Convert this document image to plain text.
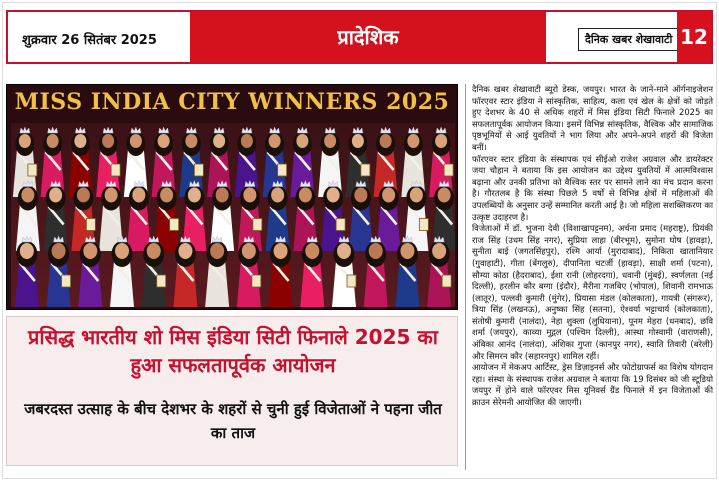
शुक्रवार 26 सितंबर 2025	प्रादेशिक	दैनिक खबर शेखावाटी 12
MISS INDIA CITY WINNERS 2025
प्रसिद्ध भारतीय शो मिस इंडिया सिटी फिनाले 2025 का हुआ सफलतापूर्वक आयोजन
जबरदस्त उत्साह के बीच देशभर के शहरों से चुनी हुई विजेताओं ने पहना जीत का ताज

दैनिक खबर शेखावाटी ब्यूरो डेस्क, जयपुर। भारत के जाने-माने ऑर्गनाइजेशन फॉरएवर स्टार इंडिया ने सांस्कृतिक, साहित्य, कला एवं खेल के क्षेत्रों को जोड़ते हुए देशभर के 40 से अधिक शहरों में मिस इंडिया सिटी फिनाले 2025 का सफलतापूर्वक आयोजन किया। इसमें विभिन्न सांस्कृतिक, वैश्विक और सामाजिक पृष्ठभूमियों से आई युवतियों ने भाग लिया और अपने-अपने शहरों की विजेता बनीं।

फॉरएवर स्टार इंडिया के संस्थापक एवं सीईओ राजेश अग्रवाल और डायरेक्टर जया चौहान ने बताया कि इस आयोजन का उद्देश्य युवतियों में आत्मविश्वास बढ़ाना और उनकी प्रतिभा को वैश्विक स्तर पर सामने लाने का मंच प्रदान करना है। गौरतलब है कि संस्था पिछले 5 वर्षों से विभिन्न क्षेत्रों में महिलाओं की उपलब्धियों के अनुसार उन्हें सम्मानित करती आई है। जो महिला सशक्तिकरण का उत्कृष्ट उदाहरण है।

विजेताओं में डॉ. भुजना देवी (विशाखापट्टनम), अर्चना प्रमाद (महराष्ट्र), प्रियंकी राज सिंह (उधम सिंह नगर), सुप्रिया लाहा (बीरभूम), सुमोना घोष (हावड़ा), सुनीता बाई (जगतसिंहपुर), रश्मि आर्या (मुरादाबाद), निकिता खातानियार (गुवाहाटी), गीता (बेंगलुरु), दीपानिता चटर्जी (हावड़ा), साक्षी शर्मा (पटना), सौम्या कोठा (हैदराबाद), ईशा रानी (लोहरदगा), धवानी (मुंबई), स्वर्णलता (नई दिल्ली), हरलीन कौर बग्गा (इंदौर), मैरीना गजबिए (भोपाल), शिवानी रामभाऊ (लातूर), पल्लवी कुमारी (मुंगेर), प्रियासा मंडल (कोलकाता), गायत्री (संगरूर), त्रिया सिंह (लखनऊ), अनुष्का सिंह (सतना), ऐश्वर्या भट्टाचार्य (कोलकाता), संतोषी कुमारी (नालंदा), नेहा शुक्ला (लुधियाना), पूनम मेहरा (धनबाद), छवि शर्मा (जयपुर), काव्या मुद्गल (पश्चिम दिल्ली), आस्था गोस्वामी (वाराणसी), अंबिका आनंद (नालंदा), अंशिका गुप्ता (कानपुर नगर), स्वाति तिवारी (बरेली) और सिमरन कौर (सहारनपुर) शामिल रहीं।

आयोजन में मेकअप आर्टिस्ट, ड्रेस डिज़ाइनर्स और फोटोग्राफर्स का विशेष योगदान रहा। संस्था के संस्थापक राजेश अग्रवाल ने बताया कि 19 दिसंबर को जी स्टूडियो जयपुर में होने वाले फॉरएवर मिस यूनिवर्स ग्रैंड फिनाले में इन विजेताओं की क्राउन सेरेमनी आयोजित की जाएगी।
